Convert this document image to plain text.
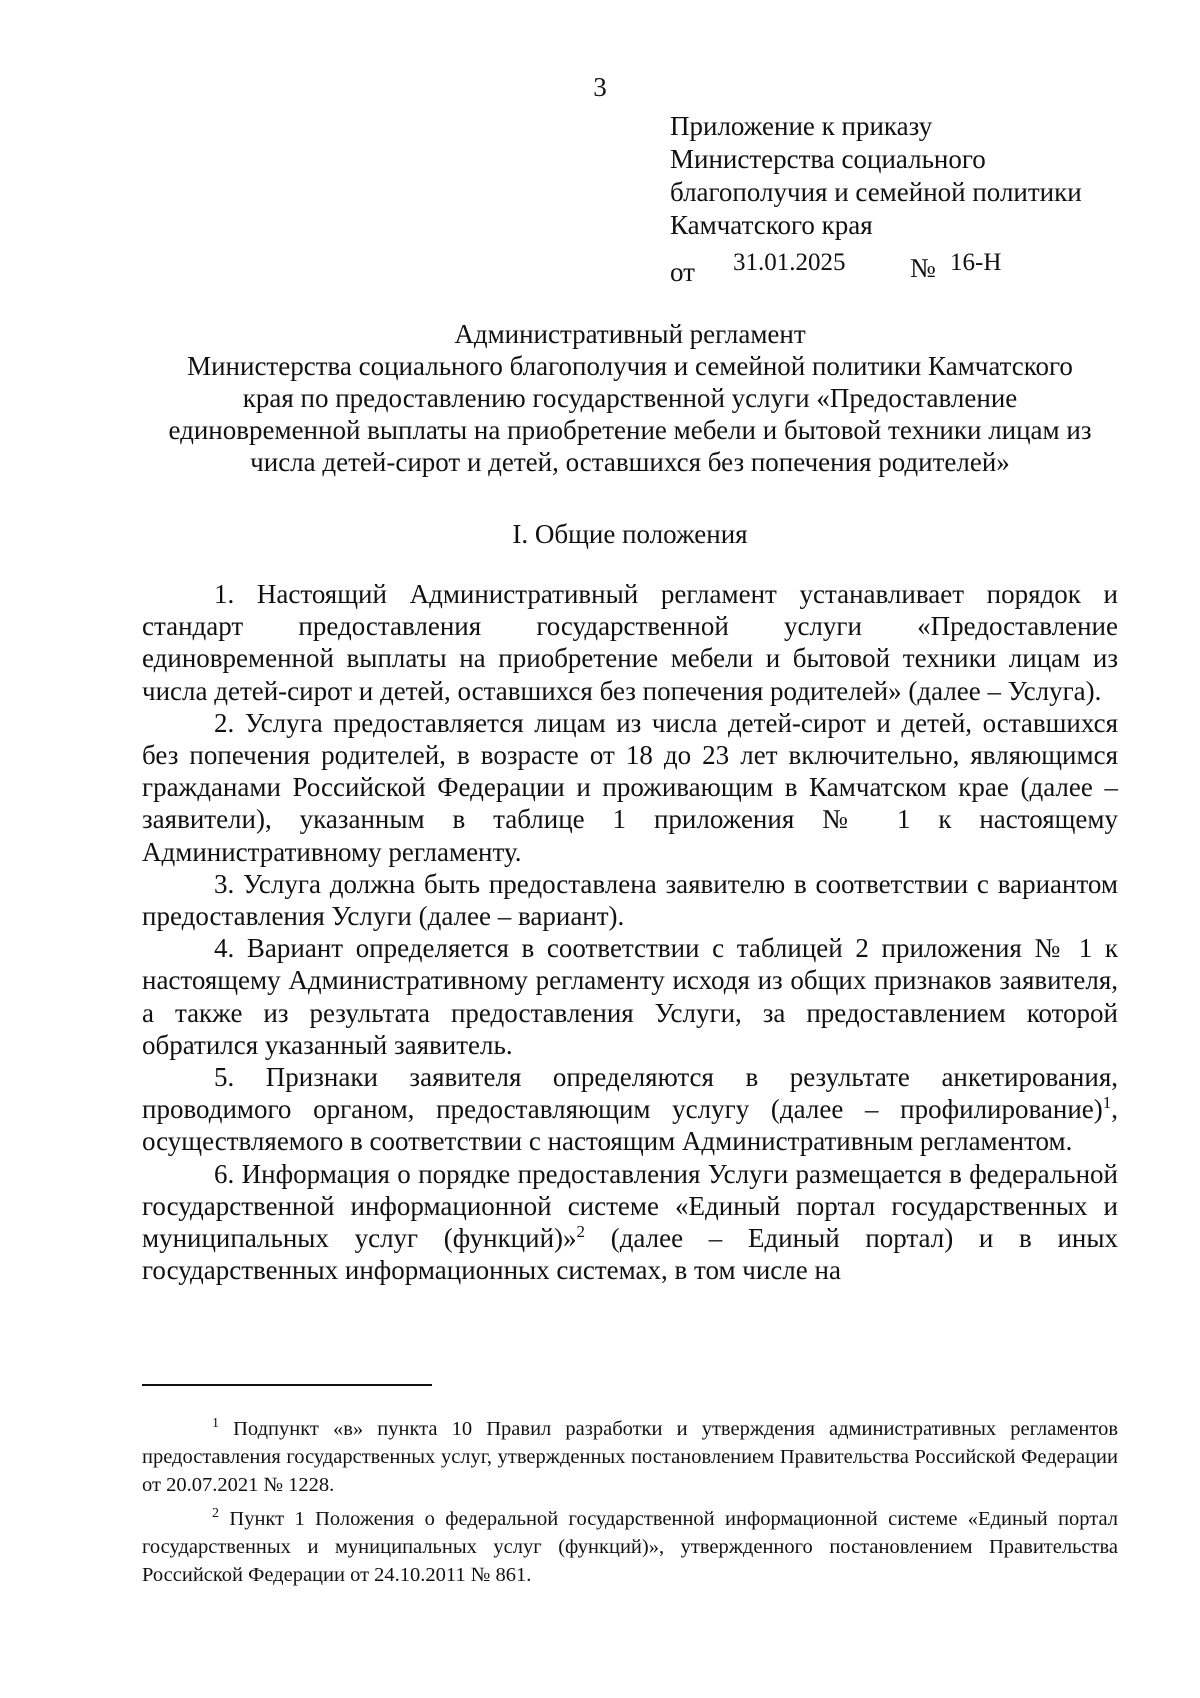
3
Приложение к приказу
Министерства социального
благополучия и семейной политики
Камчатского края
от 31.01.2025 № 16-Н
Административный регламент
Министерства социального благополучия и семейной политики Камчатского
края по предоставлению государственной услуги «Предоставление
единовременной выплаты на приобретение мебели и бытовой техники лицам из
числа детей-сирот и детей, оставшихся без попечения родителей»
I. Общие положения

1. Настоящий Административный регламент устанавливает порядок и стандарт предоставления государственной услуги «Предоставление единовременной выплаты на приобретение мебели и бытовой техники лицам из числа детей-сирот и детей, оставшихся без попечения родителей» (далее – Услуга).

2. Услуга предоставляется лицам из числа детей-сирот и детей, оставшихся без попечения родителей, в возрасте от 18 до 23 лет включительно, являющимся гражданами Российской Федерации и проживающим в Камчатском крае (далее – заявители), указанным в таблице 1 приложения № 1 к настоящему Административному регламенту.

3. Услуга должна быть предоставлена заявителю в соответствии с вариантом предоставления Услуги (далее – вариант).

4. Вариант определяется в соответствии с таблицей 2 приложения № 1 к настоящему Административному регламенту исходя из общих признаков заявителя, а также из результата предоставления Услуги, за предоставлением которой обратился указанный заявитель.

5. Признаки заявителя определяются в результате анкетирования, проводимого органом, предоставляющим услугу (далее – профилирование)$^1$, осуществляемого в соответствии с настоящим Административным регламентом.

6. Информация о порядке предоставления Услуги размещается в федеральной государственной информационной системе «Единый портал государственных и муниципальных услуг (функций)»$^2$ (далее – Единый портал) и в иных государственных информационных системах, в том числе на

$^1$ Подпункт «в» пункта 10 Правил разработки и утверждения административных регламентов предоставления государственных услуг, утвержденных постановлением Правительства Российской Федерации от 20.07.2021 № 1228.

$^2$ Пункт 1 Положения о федеральной государственной информационной системе «Единый портал государственных и муниципальных услуг (функций)», утвержденного постановлением Правительства Российской Федерации от 24.10.2011 № 861.
